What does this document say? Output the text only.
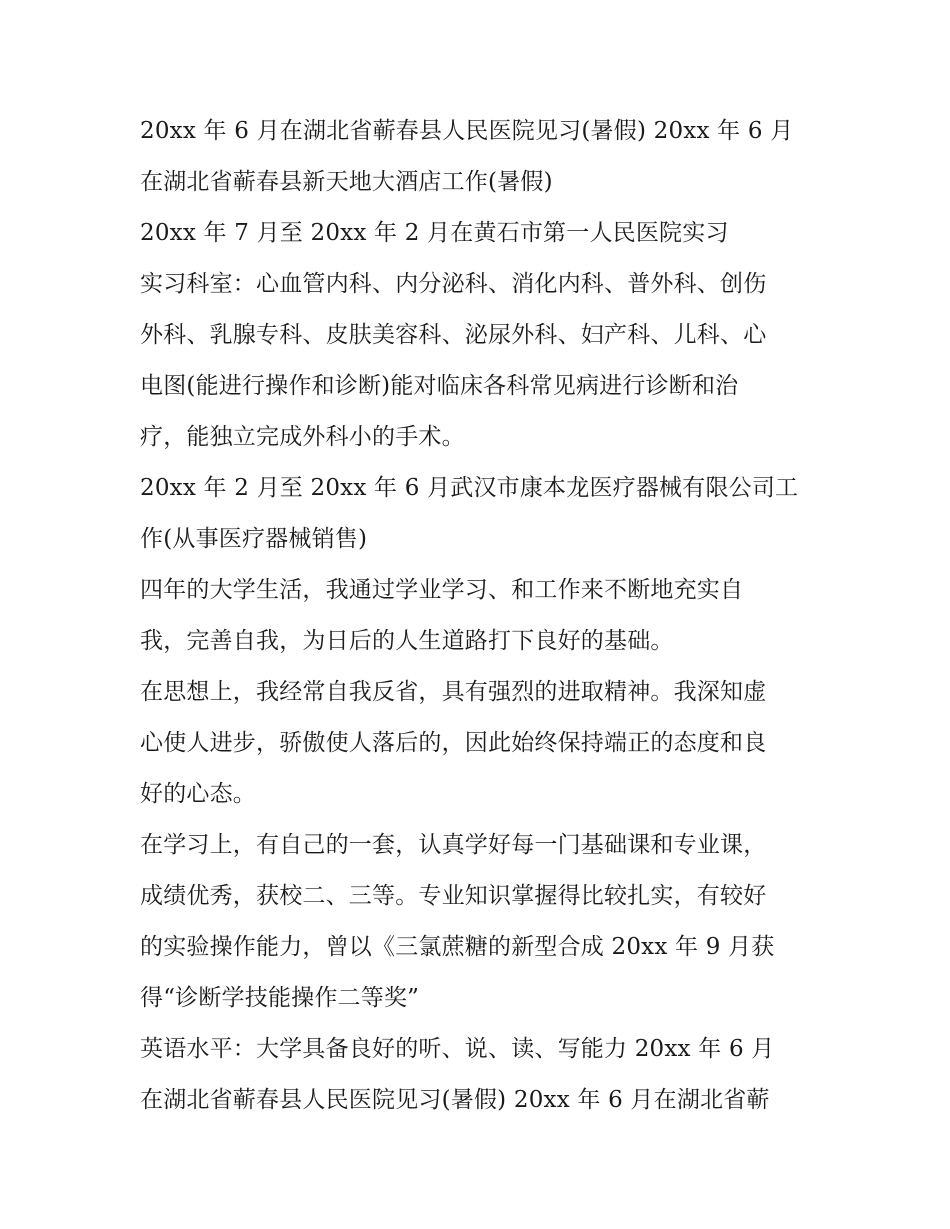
20xx 年 6 月在湖北省蕲春县人民医院见习(暑假) 20xx 年 6 月
在湖北省蕲春县新天地大酒店工作(暑假)
20xx 年 7 月至 20xx 年 2 月在黄石市第一人民医院实习
实习科室：心血管内科、内分泌科、消化内科、普外科、创伤
外科、乳腺专科、皮肤美容科、泌尿外科、妇产科、儿科、心
电图(能进行操作和诊断)能对临床各科常见病进行诊断和治
疗，能独立完成外科小的手术。
20xx 年 2 月至 20xx 年 6 月武汉市康本龙医疗器械有限公司工
作(从事医疗器械销售)
四年的大学生活，我通过学业学习、和工作来不断地充实自
我，完善自我，为日后的人生道路打下良好的基础。
在思想上，我经常自我反省，具有强烈的进取精神。我深知虚
心使人进步，骄傲使人落后的，因此始终保持端正的态度和良
好的心态。
在学习上，有自己的一套，认真学好每一门基础课和专业课，
成绩优秀，获校二、三等。专业知识掌握得比较扎实，有较好
的实验操作能力，曾以《三氯蔗糖的新型合成 20xx 年 9 月获
得“诊断学技能操作二等奖”
英语水平：大学具备良好的听、说、读、写能力 20xx 年 6 月
在湖北省蕲春县人民医院见习(暑假) 20xx 年 6 月在湖北省蕲
